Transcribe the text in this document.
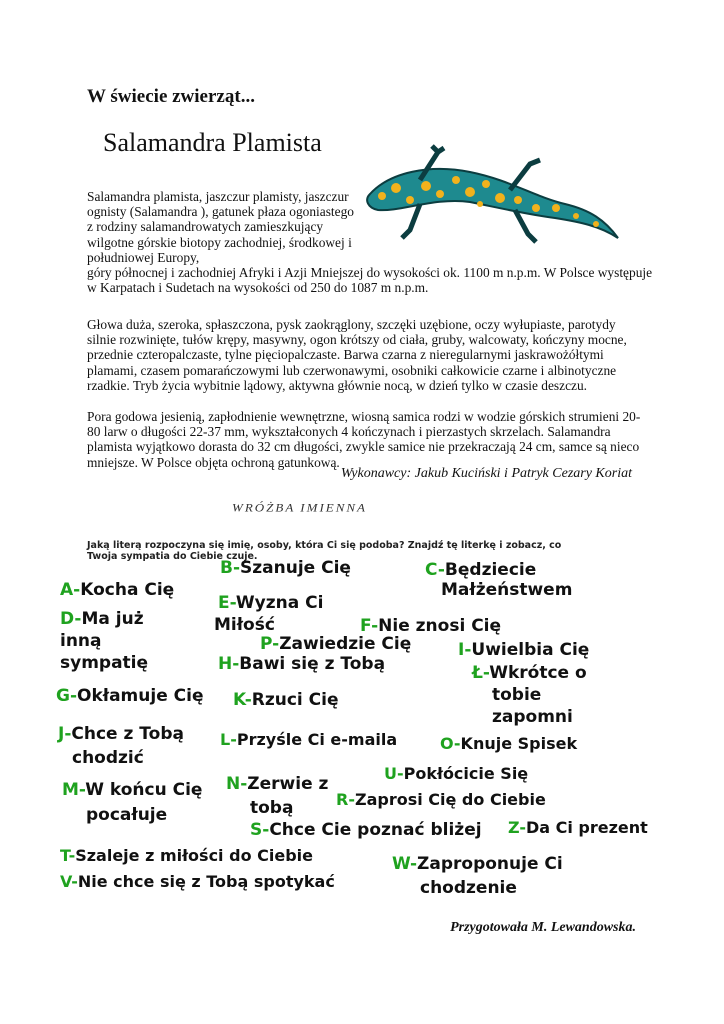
W świecie zwierząt...
Salamandra Plamista
Salamandra plamista, jaszczur plamisty, jaszczur ognisty (Salamandra ), gatunek płaza ogoniastego z rodziny salamandrowatych zamieszkujący wilgotne górskie biotopy zachodniej, środkowej i południowej Europy,
góry północnej i zachodniej Afryki i Azji Mniejszej do wysokości ok. 1100 m n.p.m. W Polsce występuje w Karpatach i Sudetach na wysokości od 250 do 1087 m n.p.m.
Głowa duża, szeroka, spłaszczona, pysk zaokrąglony, szczęki uzębione, oczy wyłupiaste, parotydy silnie rozwinięte, tułów krępy, masywny, ogon krótszy od ciała, gruby, walcowaty, kończyny mocne, przednie czteropalczaste, tylne pięciopalczaste. Barwa czarna z nieregularnymi jaskrawożółtymi plamami, czasem pomarańczowymi lub czerwonawymi, osobniki całkowicie czarne i albinotyczne rzadkie. Tryb życia wybitnie lądowy, aktywna głównie nocą, w dzień tylko w czasie deszczu.
Pora godowa jesienią, zapłodnienie wewnętrzne, wiosną samica rodzi w wodzie górskich strumieni 20-80 larw o długości 22-37 mm, wykształconych 4 kończynach i pierzastych skrzelach. Salamandra plamista wyjątkowo dorasta do 32 cm długości, zwykle samice nie przekraczają 24 cm, samce są nieco mniejsze. W Polsce objęta ochroną gatunkową.
Wykonawcy: Jakub Kuciński i Patryk Cezary Koriat
WRÓŻBA IMIENNA
Jaką literą rozpoczyna się imię, osoby, która Ci się podoba? Znajdź tę literkę i zobacz, co Twoja sympatia do Ciebie czuje.
A-Kocha Cię
B-Szanuje Cię	C-Będziecie
Małżeństwem
D-Ma już
inną
sympatię
E-Wyzna Ci
Miłość	F-Nie znosi Cię
P-Zawiedzie Cię	I-Uwielbia Cię
H-Bawi się z Tobą	Ł-Wkrótce o
tobie
zapomni
G-Okłamuje Cię K-Rzuci Cię
J-Chce z Tobą
chodzić
L-Przyśle Ci e-maila	O-Knuje Spisek
U-Pokłócicie Się
M-W końcu Cię
pocałuje
N-Zerwie z
tobą	R-Zaprosi Cię do Ciebie
S-Chce Cie poznać bliżej Z-Da Ci prezent
T-Szaleje z miłości do Ciebie	W-Zaproponuje Ci
chodzenie
V-Nie chce się z Tobą spotykać
Przygotowała M. Lewandowska.
